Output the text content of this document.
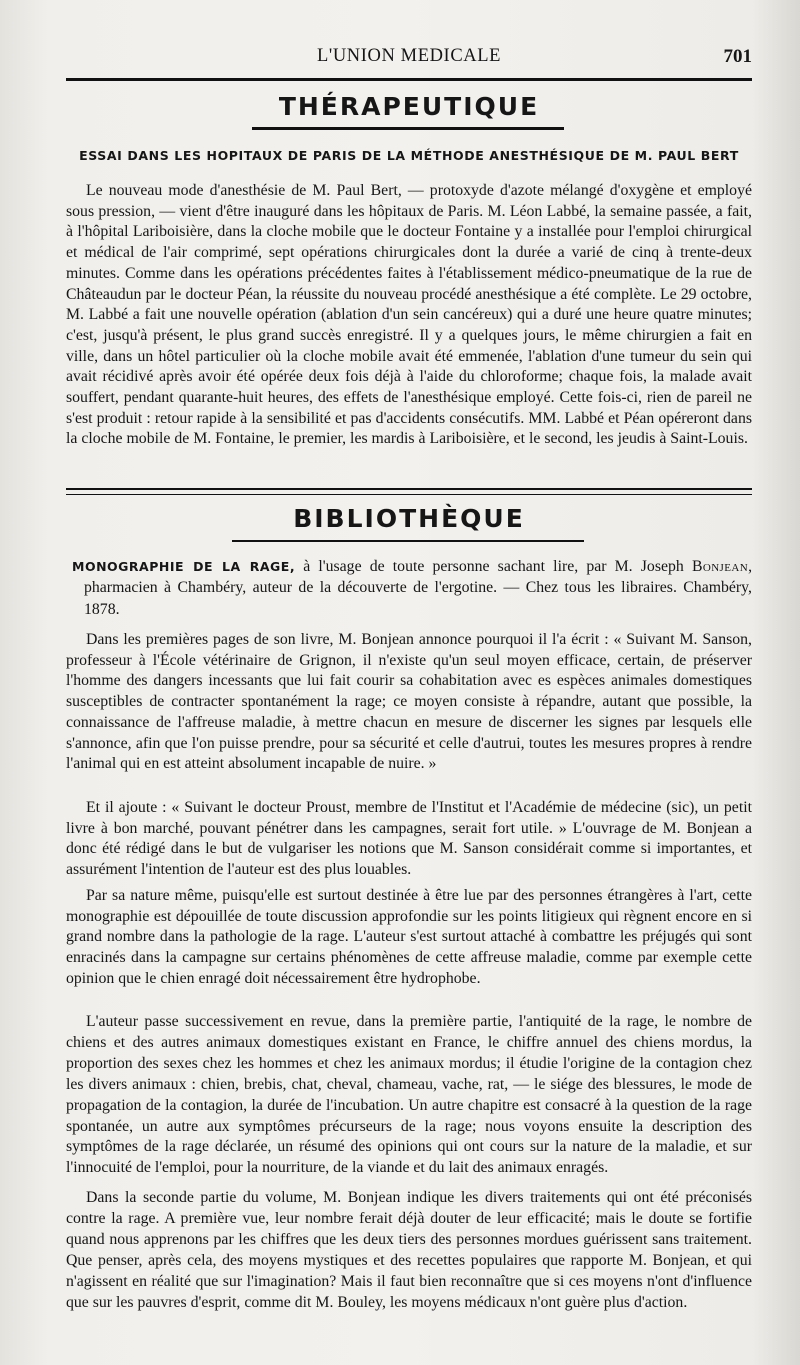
L'UNION MEDICALE	701
THÉRAPEUTIQUE
ESSAI DANS LES HOPITAUX DE PARIS DE LA MÉTHODE ANESTHÉSIQUE DE M. PAUL BERT

Le nouveau mode d'anesthésie de M. Paul Bert, — protoxyde d'azote mélangé d'oxygène et employé sous pression, — vient d'être inauguré dans les hôpitaux de Paris. M. Léon Labbé, la semaine passée, a fait, à l'hôpital Lariboisière, dans la cloche mobile que le docteur Fontaine y a installée pour l'emploi chirurgical et médical de l'air comprimé, sept opérations chirurgicales dont la durée a varié de cinq à trente-deux minutes. Comme dans les opérations précédentes faites à l'établissement médico-pneumatique de la rue de Châteaudun par le docteur Péan, la réussite du nouveau procédé anesthésique a été complète. Le 29 octobre, M. Labbé a fait une nouvelle opération (ablation d'un sein cancéreux) qui a duré une heure quatre minutes; c'est, jusqu'à présent, le plus grand succès enregistré. Il y a quelques jours, le même chirurgien a fait en ville, dans un hôtel particulier où la cloche mobile avait été emmenée, l'ablation d'une tumeur du sein qui avait récidivé après avoir été opérée deux fois déjà à l'aide du chloroforme; chaque fois, la malade avait souffert, pendant quarante-huit heures, des effets de l'anesthésique employé. Cette fois-ci, rien de pareil ne s'est produit : retour rapide à la sensibilité et pas d'accidents consécutifs. MM. Labbé et Péan opéreront dans la cloche mobile de M. Fontaine, le premier, les mardis à Lariboisière, et le second, les jeudis à Saint-Louis.

BIBLIOTHÈQUE

MONOGRAPHIE DE LA RAGE, à l'usage de toute personne sachant lire, par M. Joseph Bonjean, pharmacien à Chambéry, auteur de la découverte de l'ergotine. — Chez tous les libraires. Chambéry, 1878.

Dans les premières pages de son livre, M. Bonjean annonce pourquoi il l'a écrit : « Suivant M. Sanson, professeur à l'École vétérinaire de Grignon, il n'existe qu'un seul moyen efficace, certain, de préserver l'homme des dangers incessants que lui fait courir sa cohabitation avec es espèces animales domestiques susceptibles de contracter spontanément la rage; ce moyen consiste à répandre, autant que possible, la connaissance de l'affreuse maladie, à mettre chacun en mesure de discerner les signes par lesquels elle s'annonce, afin que l'on puisse prendre, pour sa sécurité et celle d'autrui, toutes les mesures propres à rendre l'animal qui en est atteint absolument incapable de nuire. »

Et il ajoute : « Suivant le docteur Proust, membre de l'Institut et l'Académie de médecine (sic), un petit livre à bon marché, pouvant pénétrer dans les campagnes, serait fort utile. » L'ouvrage de M. Bonjean a donc été rédigé dans le but de vulgariser les notions que M. Sanson considérait comme si importantes, et assurément l'intention de l'auteur est des plus louables.

Par sa nature même, puisqu'elle est surtout destinée à être lue par des personnes étrangères à l'art, cette monographie est dépouillée de toute discussion approfondie sur les points litigieux qui règnent encore en si grand nombre dans la pathologie de la rage. L'auteur s'est surtout attaché à combattre les préjugés qui sont enracinés dans la campagne sur certains phénomènes de cette affreuse maladie, comme par exemple cette opinion que le chien enragé doit nécessairement être hydrophobe.

L'auteur passe successivement en revue, dans la première partie, l'antiquité de la rage, le nombre de chiens et des autres animaux domestiques existant en France, le chiffre annuel des chiens mordus, la proportion des sexes chez les hommes et chez les animaux mordus; il étudie l'origine de la contagion chez les divers animaux : chien, brebis, chat, cheval, chameau, vache, rat, — le siége des blessures, le mode de propagation de la contagion, la durée de l'incubation. Un autre chapitre est consacré à la question de la rage spontanée, un autre aux symptômes précurseurs de la rage; nous voyons ensuite la description des symptômes de la rage déclarée, un résumé des opinions qui ont cours sur la nature de la maladie, et sur l'innocuité de l'emploi, pour la nourriture, de la viande et du lait des animaux enragés.

Dans la seconde partie du volume, M. Bonjean indique les divers traitements qui ont été préconisés contre la rage. A première vue, leur nombre ferait déjà douter de leur efficacité; mais le doute se fortifie quand nous apprenons par les chiffres que les deux tiers des personnes mordues guérissent sans traitement. Que penser, après cela, des moyens mystiques et des recettes populaires que rapporte M. Bonjean, et qui n'agissent en réalité que sur l'imagination? Mais il faut bien reconnaître que si ces moyens n'ont d'influence que sur les pauvres d'esprit, comme dit M. Bouley, les moyens médicaux n'ont guère plus d'action.
